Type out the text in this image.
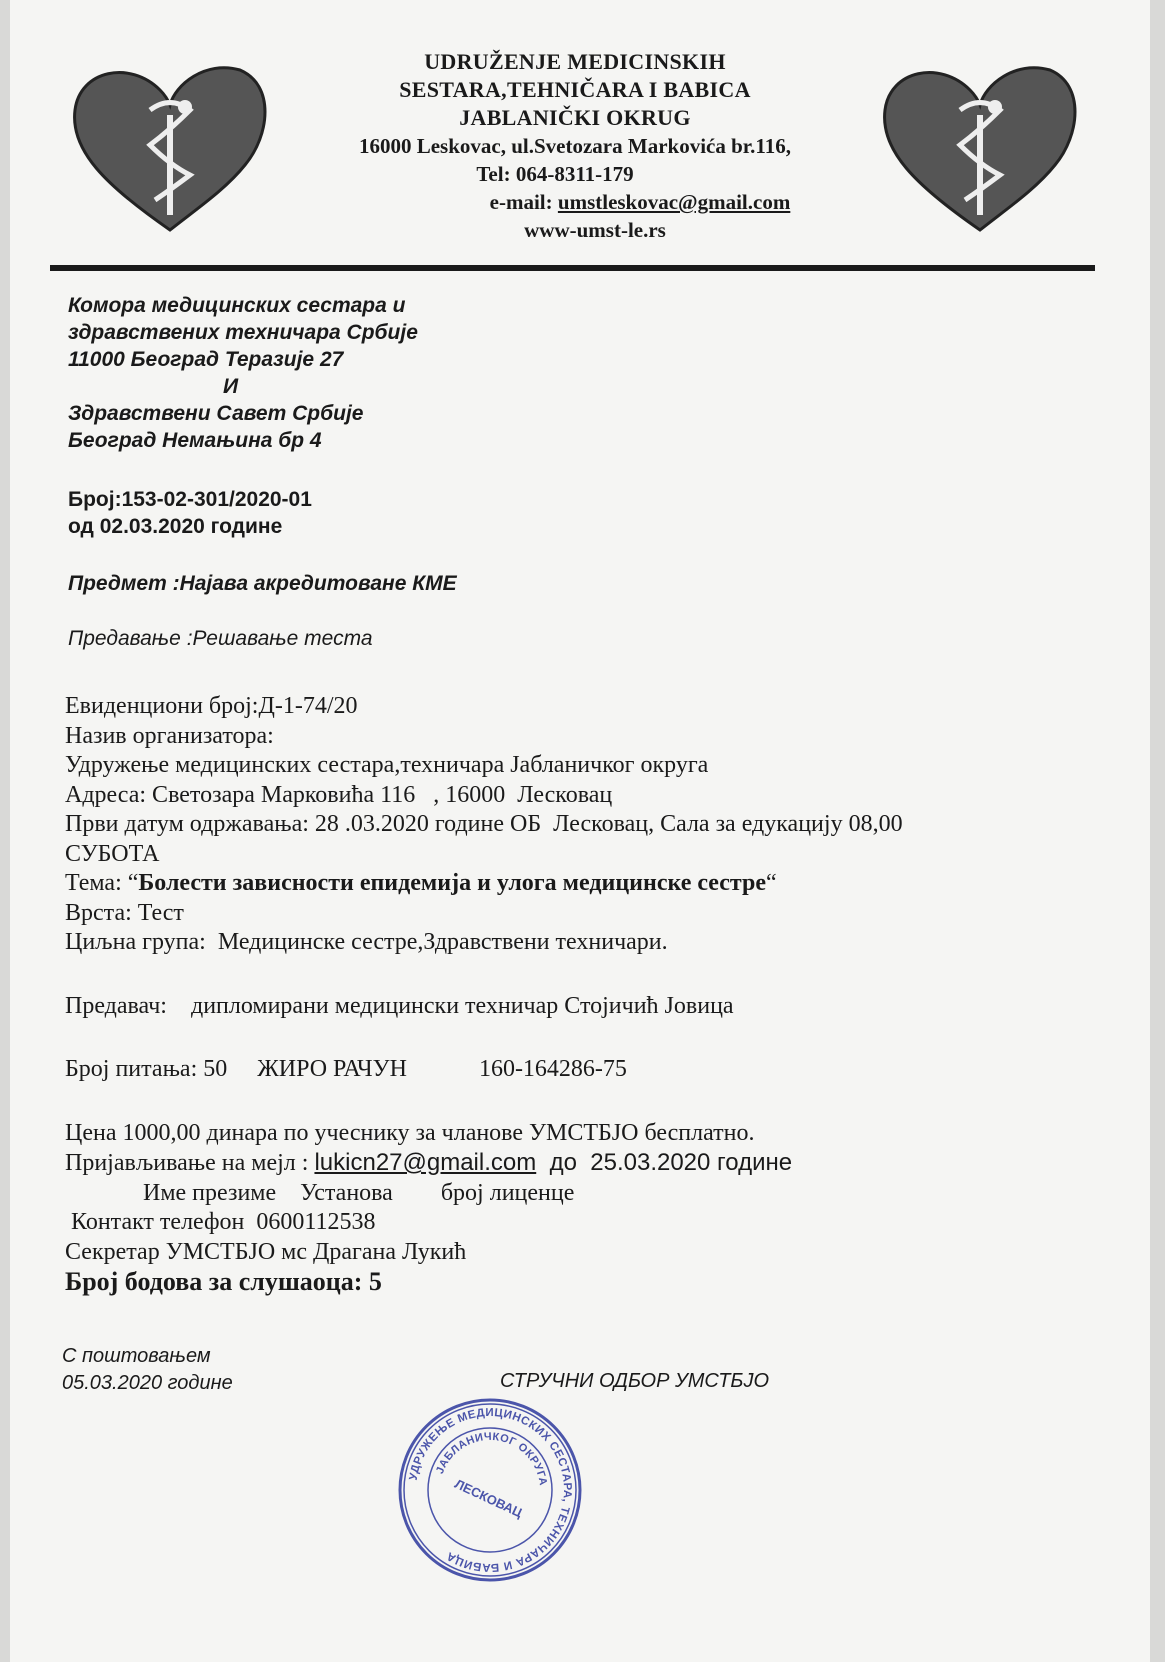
UDRUŽENJE MEDICINSKIH
SESTARA,TEHNIČARA I BABICA
JABLANIČKI OKRUG
16000 Leskovac, ul.Svetozara Markovića br.116,
Tel: 064-8311-179
e-mail: umstleskovac@gmail.com
www-umst-le.rs
Комора медицинских сестара и
здравствених техничара Србије
11000 Београд Теразије 27
И
Здравствени Савет Србије
Београд Немањина бр 4
Број:153-02-301/2020-01
од 02.03.2020 године
Предмет :Најава акредитоване КМЕ
Предавање :Решавање теста
Евиденциони број:Д-1-74/20
Назив организатора:
Удружење медицинских сестара,техничара Јабланичког округа
Адреса: Светозара Марковића 116   , 16000  Лесковац
Први датум одржавања: 28 .03.2020 године ОБ  Лесковац, Сала за едукацију 08,00
СУБОТА
Тема: “Болести зависности епидемија и улога медицинске сестре“
Врста: Тест
Циљна група:  Медицинске сестре,Здравствени техничари.
Предавач:    дипломирани медицински техничар Стојичић Јовица
Број питања: 50     ЖИРО РАЧУН            160-164286-75
Цена 1000,00 динара по учеснику за чланове УМСТБЈО бесплатно.
Пријављивање на мејл : lukicn27@gmail.com  до  25.03.2020 године
Име презиме    Установа        број лиценце
Контакт телефон  0600112538
Секретар УМСТБЈО мс Драгана Лукић
Број бодова за слушаоца: 5
С поштовањем
05.03.2020 године	СТРУЧНИ ОДБОР УМСТБЈО
УДРУЖЕЊЕ МЕДИЦИНСКИХ СЕСТАРА, ТЕХНИЧАРА И БАБИЦА
ЈАБЛАНИЧКОГ ОКРУГА
ЛЕСКОВАЦ
